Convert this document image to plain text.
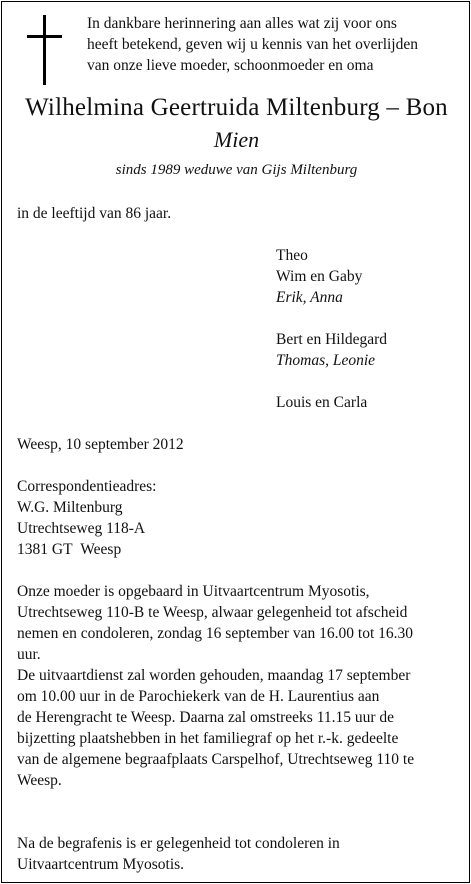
In dankbare herinnering aan alles wat zij voor ons
heeft betekend, geven wij u kennis van het overlijden
van onze lieve moeder, schoonmoeder en oma
Wilhelmina Geertruida Miltenburg – Bon
Mien
sinds 1989 weduwe van Gijs Miltenburg
in de leeftijd van 86 jaar.
Theo
Wim en Gaby
Erik, Anna
Bert en Hildegard
Thomas, Leonie
Louis en Carla
Weesp, 10 september 2012
Correspondentieadres:
W.G. Miltenburg
Utrechtseweg 118-A
1381 GT  Weesp
Onze moeder is opgebaard in Uitvaartcentrum Myosotis,
Utrechtseweg 110-B te Weesp, alwaar gelegenheid tot afscheid
nemen en condoleren, zondag 16 september van 16.00 tot 16.30
uur.
De uitvaartdienst zal worden gehouden, maandag 17 september
om 10.00 uur in de Parochiekerk van de H. Laurentius aan
de Herengracht te Weesp. Daarna zal omstreeks 11.15 uur de
bijzetting plaatshebben in het familiegraf op het r.-k. gedeelte
van de algemene begraafplaats Carspelhof, Utrechtseweg 110 te
Weesp.
Na de begrafenis is er gelegenheid tot condoleren in
Uitvaartcentrum Myosotis.
